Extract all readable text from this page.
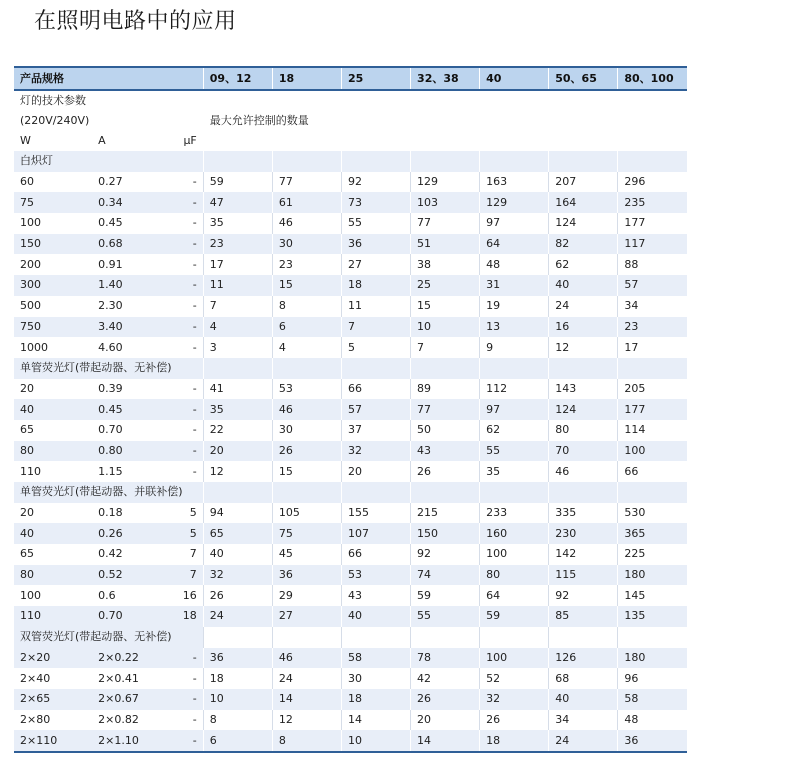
在照明电路中的应用
产品规格			09、12	18	25	32、38	40	50、65	80、100
灯的技术参数			最大允许控制的数量						
(220V/240V)									
W	A	μF							
白炽灯									
60	0.27	-	59	77	92	129	163	207	296
75	0.34	-	47	61	73	103	129	164	235
100	0.45	-	35	46	55	77	97	124	177
150	0.68	-	23	30	36	51	64	82	117
200	0.91	-	17	23	27	38	48	62	88
300	1.40	-	11	15	18	25	31	40	57
500	2.30	-	7	8	11	15	19	24	34
750	3.40	-	4	6	7	10	13	16	23
1000	4.60	-	3	4	5	7	9	12	17
单管荧光灯(带起动器、无补偿)									
20	0.39	-	41	53	66	89	112	143	205
40	0.45	-	35	46	57	77	97	124	177
65	0.70	-	22	30	37	50	62	80	114
80	0.80	-	20	26	32	43	55	70	100
110	1.15	-	12	15	20	26	35	46	66
单管荧光灯(带起动器、并联补偿)									
20	0.18	5	94	105	155	215	233	335	530
40	0.26	5	65	75	107	150	160	230	365
65	0.42	7	40	45	66	92	100	142	225
80	0.52	7	32	36	53	74	80	115	180
100	0.6	16	26	29	43	59	64	92	145
110	0.70	18	24	27	40	55	59	85	135
双管荧光灯(带起动器、无补偿)									
2×20	2×0.22	-	36	46	58	78	100	126	180
2×40	2×0.41	-	18	24	30	42	52	68	96
2×65	2×0.67	-	10	14	18	26	32	40	58
2×80	2×0.82	-	8	12	14	20	26	34	48
2×110	2×1.10	-	6	8	10	14	18	24	36
